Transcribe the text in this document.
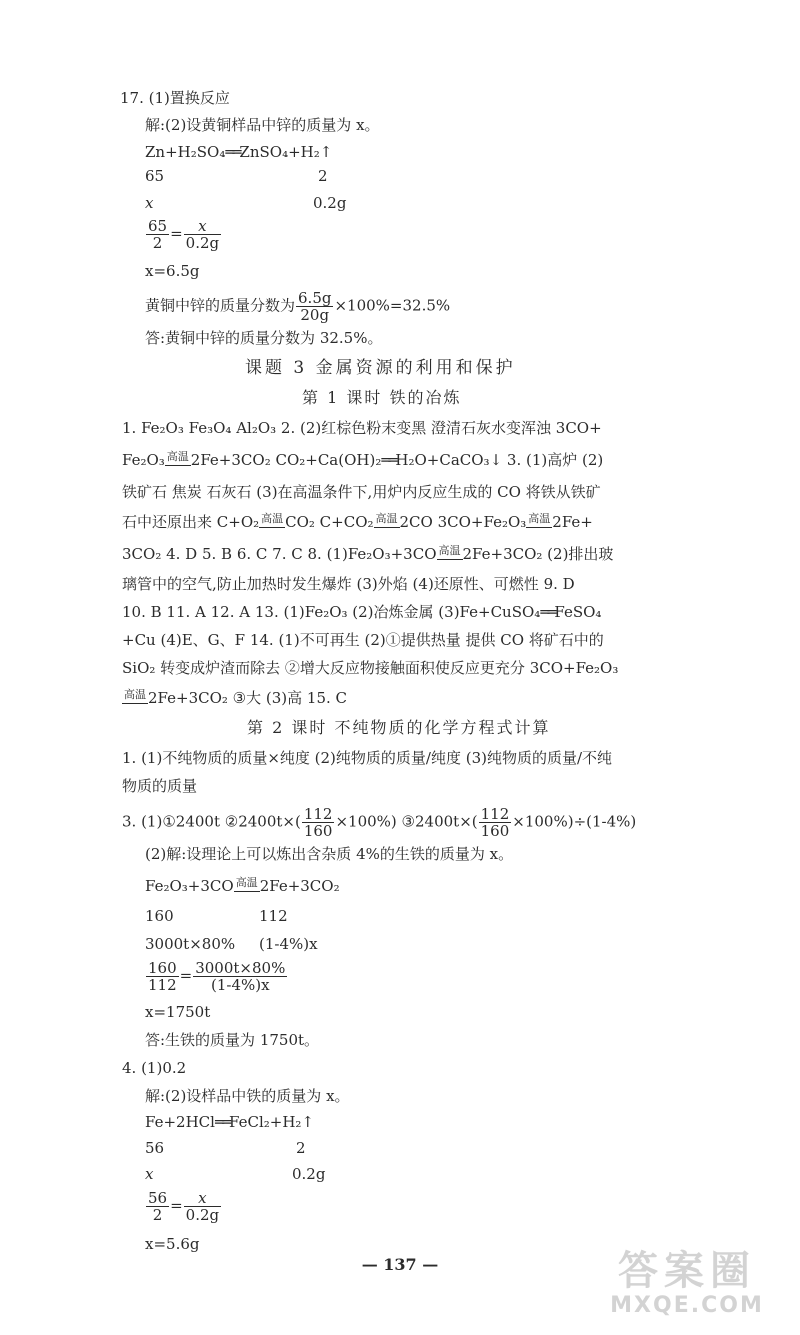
17. (1)置换反应
解:(2)设黄铜样品中锌的质量为 x。
Zn+H₂SO₄══ZnSO₄+H₂↑
65	2
x	0.2g
$\frac{65}{2} = \frac{x}{0.2g}$
x=6.5g
黄铜中锌的质量分数为 $\frac{6.5g}{20g} \times 100\%=32.5\%$
答:黄铜中锌的质量分数为 32.5%。
课题 3 金属资源的利用和保护
第 1 课时 铁的冶炼
1. Fe₂O₃ Fe₃O₄ Al₂O₃ 2. (2)红棕色粉末变黑 澄清石灰水变浑浊 3CO+
Fe₂O₃ 高温 2Fe+3CO₂ CO₂+Ca(OH)₂══H₂O+CaCO₃↓ 3. (1)高炉 (2)
铁矿石 焦炭 石灰石 (3)在高温条件下,用炉内反应生成的 CO 将铁从铁矿
石中还原出来 C+O₂ 高温 CO₂ C+CO₂ 高温 2CO 3CO+Fe₂O₃ 高温 2Fe+
3CO₂ 4. D 5. B 6. C 7. C 8. (1)Fe₂O₃+3CO 高温 2Fe+3CO₂ (2)排出玻
璃管中的空气,防止加热时发生爆炸 (3)外焰 (4)还原性、可燃性 9. D
10. B 11. A 12. A 13. (1)Fe₂O₃ (2)冶炼金属 (3)Fe+CuSO₄══FeSO₄
+Cu (4)E、G、F 14. (1)不可再生 (2)①提供热量 提供 CO 将矿石中的
SiO₂ 转变成炉渣而除去 ②增大反应物接触面积使反应更充分 3CO+Fe₂O₃
高温 2Fe+3CO₂ ③大 (3)高 15. C
第 2 课时 不纯物质的化学方程式计算
1. (1)不纯物质的质量×纯度 (2)纯物质的质量/纯度 (3)纯物质的质量/不纯
物质的质量
3. (1)①2400t ②2400t×( $\frac{112}{160} \times 100\%$) ③2400t×( $\frac{112}{160} \times 100\%)\div(1-4\%)$
(2)解:设理论上可以炼出含杂质 4%的生铁的质量为 x。
Fe₂O₃+3CO 高温 2Fe+3CO₂
160	112
3000t×80% (1-4%)x
$\frac{160}{112} = \frac{3000t\times 80\%}{(1-4\%)x}$
x=1750t
答:生铁的质量为 1750t。
4. (1)0.2
解:(2)设样品中铁的质量为 x。
Fe+2HCl══FeCl₂+H₂↑
56	2
x	0.2g
$\frac{56}{2} = \frac{x}{0.2g}$
x=5.6g
— 137 —	答案圈
MXQE.COM
